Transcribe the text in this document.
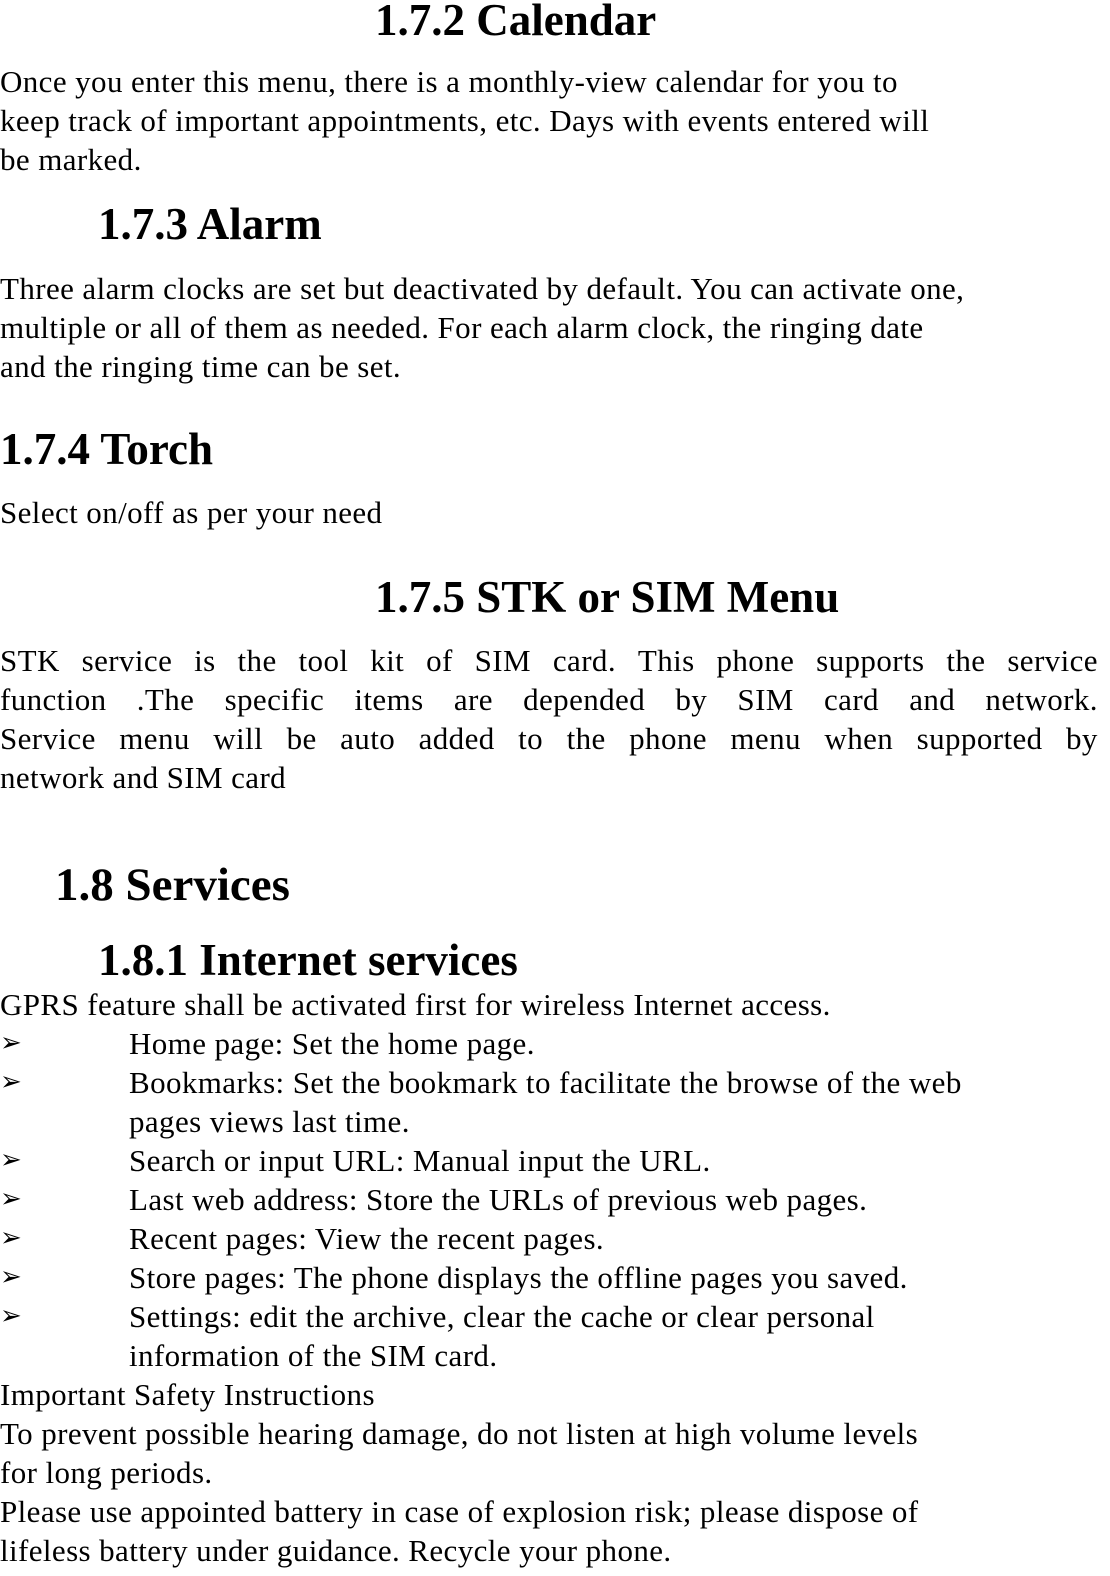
1.7.2 Calendar
Once you enter this menu, there is a monthly-view calendar for you to
keep track of important appointments, etc. Days with events entered will
be marked.
1.7.3 Alarm
Three alarm clocks are set but deactivated by default. You can activate one,
multiple or all of them as needed. For each alarm clock, the ringing date
and the ringing time can be set.
1.7.4 Torch
Select on/off as per your need
1.7.5 STK or SIM Menu
STK service is the tool kit of SIM card. This phone supports the service
function .The specific items are depended by SIM card and network.
Service menu will be auto added to the phone menu when supported by
network and SIM card
1.8 Services
1.8.1 Internet services
GPRS feature shall be activated first for wireless Internet access.
➢	Home page: Set the home page.
➢	Bookmarks: Set the bookmark to facilitate the browse of the web
pages views last time.
➢	Search or input URL: Manual input the URL.
➢	Last web address: Store the URLs of previous web pages.
➢	Recent pages: View the recent pages.
➢	Store pages: The phone displays the offline pages you saved.
➢	Settings: edit the archive, clear the cache or clear personal
information of the SIM card.
Important Safety Instructions
To prevent possible hearing damage, do not listen at high volume levels
for long periods.
Please use appointed battery in case of explosion risk; please dispose of
lifeless battery under guidance. Recycle your phone.
